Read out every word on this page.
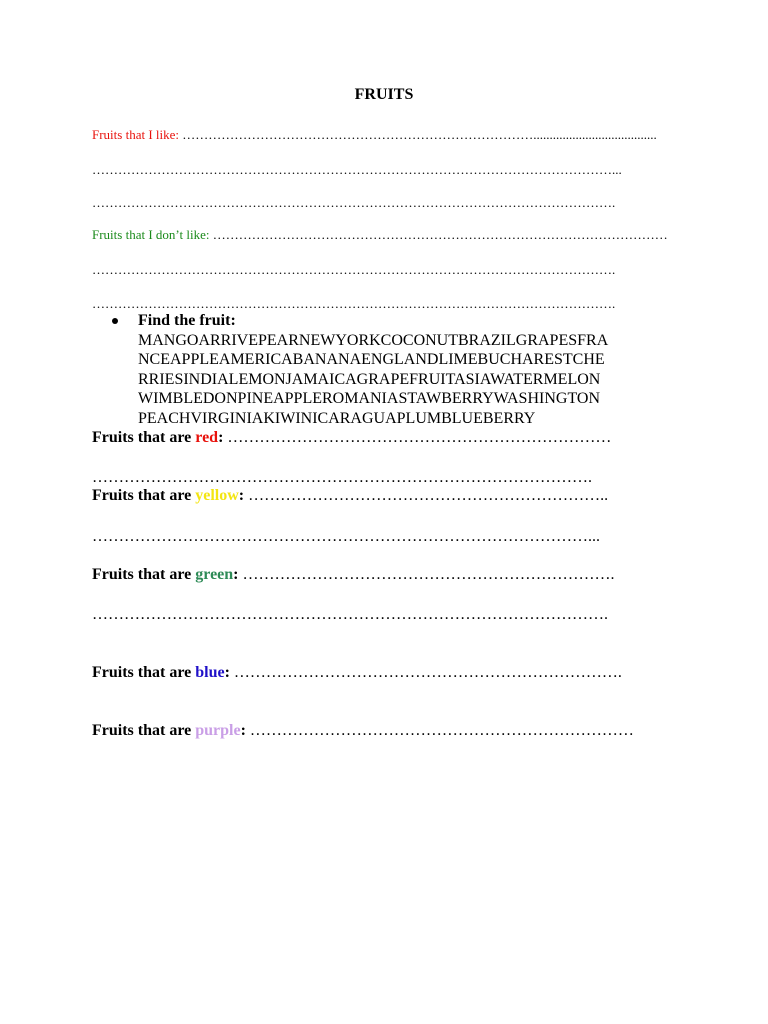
FRUITS
Fruits that I like: ………………………………………………………………………......................................
…………………………………………………………………………………………………………...
………………………………………………………………………………………………………….
Fruits that I don’t like: ……………………………………………………………………………………………
………………………………………………………………………………………………………….
………………………………………………………………………………………………………….
Find the fruit:
MANGOARRIVEPEARNEWYORKCOCONUTBRAZILGRAPESFRA
NCEAPPLEAMERICABANANAENGLANDLIMEBUCHARESTCHE
RRIESINDIALEMONJAMAICAGRAPEFRUITASIAWATERMELON
WIMBLEDONPINEAPPLEROMANIASTAWBERRYWASHINGTON
PEACHVIRGINIAKIWINICARAGUAPLUMBLUEBERRY
Fruits that are red: ………………………………………………………………
………………………………………………………………………………….
Fruits that are yellow: …………………………………………………………..
…………………………………………………………………………………...
Fruits that are green: …………………………………………………………….
…………………………………………………………………………………….
Fruits that are blue: ……………………………………………………………….
Fruits that are purple: ………………………………………………………………
